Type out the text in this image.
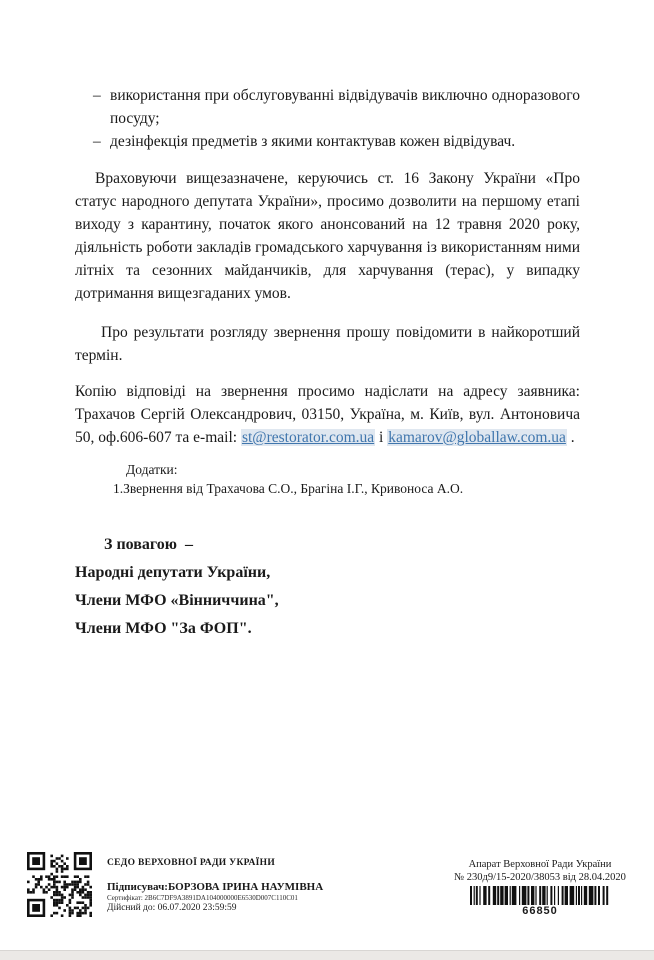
– використання при обслуговуванні відвідувачів виключно одноразового посуду;
– дезінфекція предметів з якими контактував кожен відвідувач.

Враховуючи вищезазначене, керуючись ст. 16 Закону України «Про статус народного депутата України», просимо дозволити на першому етапі виходу з карантину, початок якого анонсований на 12 травня 2020 року, діяльність роботи закладів громадського харчування із використанням ними літніх та сезонних майданчиків, для харчування (терас), у випадку дотримання вищезгаданих умов.

Про результати розгляду звернення прошу повідомити в найкоротший термін.

Копію відповіді на звернення просимо надіслати на адресу заявника: Трахачов Сергій Олександрович, 03150, Україна, м. Київ, вул. Антоновича 50, оф.606-607 та e-mail: st@restorator.com.ua і kamarov@globallaw.com.ua .

Додатки:
1.Звернення від Трахачова С.О., Брагіна І.Г., Кривоноса А.О.
З повагою  –
Народні депутати України,
Члени МФО «Вінниччина",
Члени МФО "За ФОП".
СЕДО ВЕРХОВНОЇ РАДИ УКРАЇНИ
Підписувач:БОРЗОВА ІРИНА НАУМІВНА
Сертифікат: 2B6C7DF9A3891DA104000000E6530D007C110C01
Дійсний до: 06.07.2020 23:59:59
Апарат Верховної Ради України
№ 230д9/15-2020/38053 від 28.04.2020
66850
